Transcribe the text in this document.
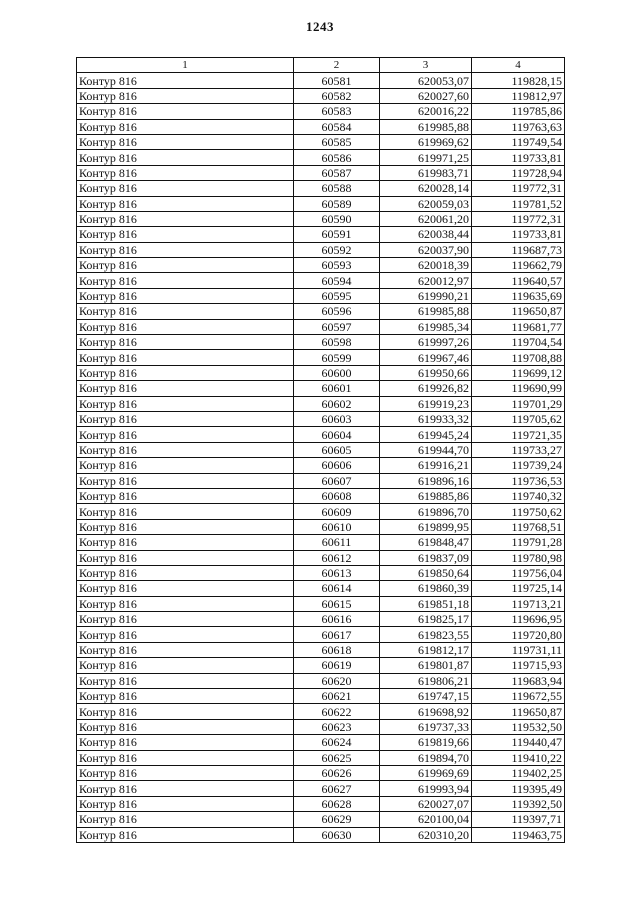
1243
1	2	3	4
Контур 816	60581	620053,07	119828,15
Контур 816	60582	620027,60	119812,97
Контур 816	60583	620016,22	119785,86
Контур 816	60584	619985,88	119763,63
Контур 816	60585	619969,62	119749,54
Контур 816	60586	619971,25	119733,81
Контур 816	60587	619983,71	119728,94
Контур 816	60588	620028,14	119772,31
Контур 816	60589	620059,03	119781,52
Контур 816	60590	620061,20	119772,31
Контур 816	60591	620038,44	119733,81
Контур 816	60592	620037,90	119687,73
Контур 816	60593	620018,39	119662,79
Контур 816	60594	620012,97	119640,57
Контур 816	60595	619990,21	119635,69
Контур 816	60596	619985,88	119650,87
Контур 816	60597	619985,34	119681,77
Контур 816	60598	619997,26	119704,54
Контур 816	60599	619967,46	119708,88
Контур 816	60600	619950,66	119699,12
Контур 816	60601	619926,82	119690,99
Контур 816	60602	619919,23	119701,29
Контур 816	60603	619933,32	119705,62
Контур 816	60604	619945,24	119721,35
Контур 816	60605	619944,70	119733,27
Контур 816	60606	619916,21	119739,24
Контур 816	60607	619896,16	119736,53
Контур 816	60608	619885,86	119740,32
Контур 816	60609	619896,70	119750,62
Контур 816	60610	619899,95	119768,51
Контур 816	60611	619848,47	119791,28
Контур 816	60612	619837,09	119780,98
Контур 816	60613	619850,64	119756,04
Контур 816	60614	619860,39	119725,14
Контур 816	60615	619851,18	119713,21
Контур 816	60616	619825,17	119696,95
Контур 816	60617	619823,55	119720,80
Контур 816	60618	619812,17	119731,11
Контур 816	60619	619801,87	119715,93
Контур 816	60620	619806,21	119683,94
Контур 816	60621	619747,15	119672,55
Контур 816	60622	619698,92	119650,87
Контур 816	60623	619737,33	119532,50
Контур 816	60624	619819,66	119440,47
Контур 816	60625	619894,70	119410,22
Контур 816	60626	619969,69	119402,25
Контур 816	60627	619993,94	119395,49
Контур 816	60628	620027,07	119392,50
Контур 816	60629	620100,04	119397,71
Контур 816	60630	620310,20	119463,75
